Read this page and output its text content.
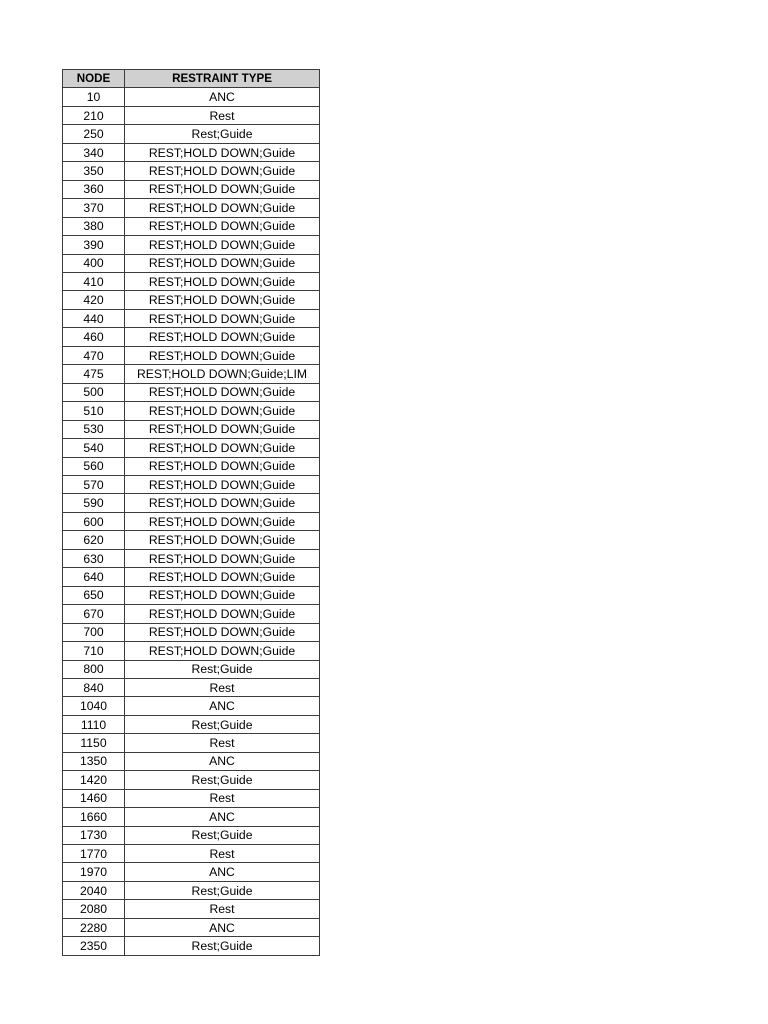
NODE	RESTRAINT TYPE
10	ANC
210	Rest
250	Rest;Guide
340	REST;HOLD DOWN;Guide
350	REST;HOLD DOWN;Guide
360	REST;HOLD DOWN;Guide
370	REST;HOLD DOWN;Guide
380	REST;HOLD DOWN;Guide
390	REST;HOLD DOWN;Guide
400	REST;HOLD DOWN;Guide
410	REST;HOLD DOWN;Guide
420	REST;HOLD DOWN;Guide
440	REST;HOLD DOWN;Guide
460	REST;HOLD DOWN;Guide
470	REST;HOLD DOWN;Guide
475	REST;HOLD DOWN;Guide;LIM
500	REST;HOLD DOWN;Guide
510	REST;HOLD DOWN;Guide
530	REST;HOLD DOWN;Guide
540	REST;HOLD DOWN;Guide
560	REST;HOLD DOWN;Guide
570	REST;HOLD DOWN;Guide
590	REST;HOLD DOWN;Guide
600	REST;HOLD DOWN;Guide
620	REST;HOLD DOWN;Guide
630	REST;HOLD DOWN;Guide
640	REST;HOLD DOWN;Guide
650	REST;HOLD DOWN;Guide
670	REST;HOLD DOWN;Guide
700	REST;HOLD DOWN;Guide
710	REST;HOLD DOWN;Guide
800	Rest;Guide
840	Rest
1040	ANC
1110	Rest;Guide
1150	Rest
1350	ANC
1420	Rest;Guide
1460	Rest
1660	ANC
1730	Rest;Guide
1770	Rest
1970	ANC
2040	Rest;Guide
2080	Rest
2280	ANC
2350	Rest;Guide
